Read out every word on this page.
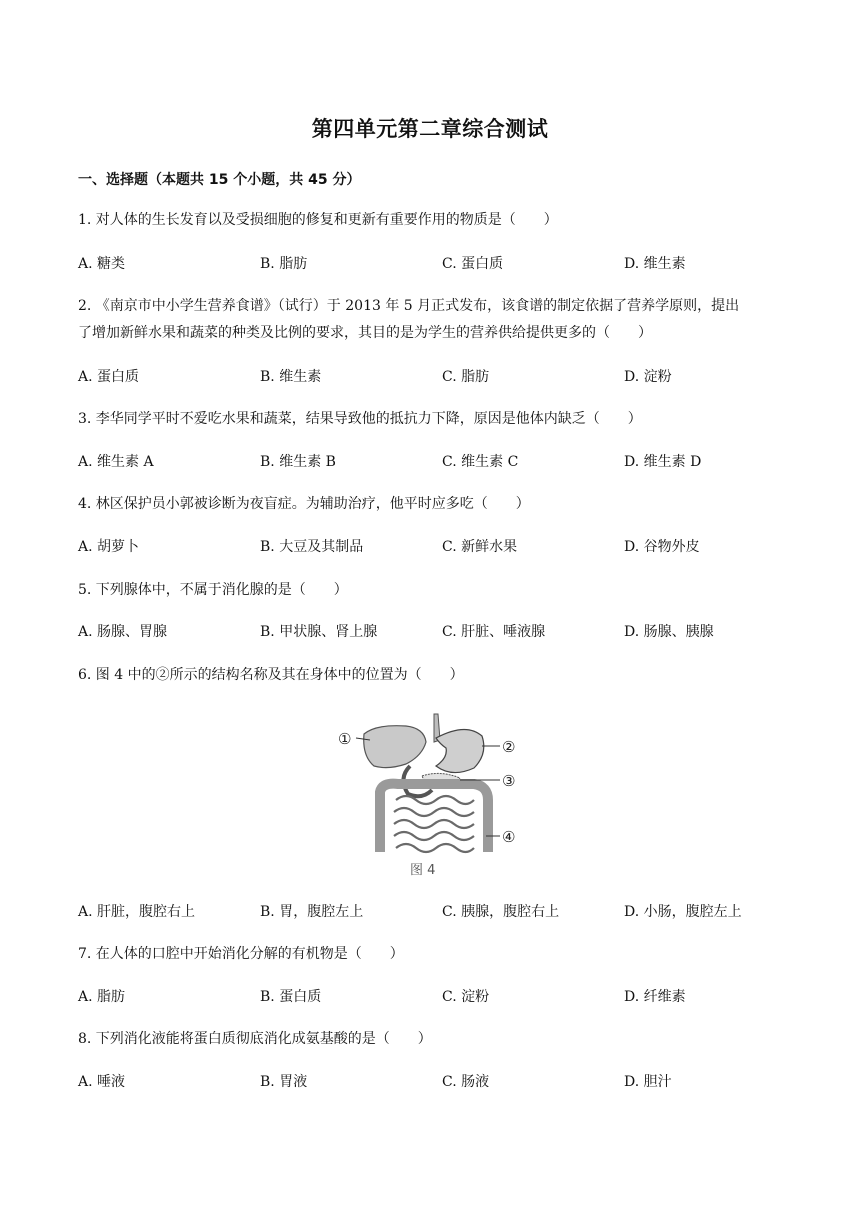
第四单元第二章综合测试
一、选择题（本题共 15 个小题，共 45 分）
1. 对人体的生长发育以及受损细胞的修复和更新有重要作用的物质是（　　）
A. 糖类	B. 脂肪	C. 蛋白质	D. 维生素
2. 《南京市中小学生营养食谱》（试行）于 2013 年 5 月正式发布，该食谱的制定依据了营养学原则，提出
了增加新鲜水果和蔬菜的种类及比例的要求，其目的是为学生的营养供给提供更多的（　　）
A. 蛋白质	B. 维生素	C. 脂肪	D. 淀粉
3. 李华同学平时不爱吃水果和蔬菜，结果导致他的抵抗力下降，原因是他体内缺乏（　　）
A. 维生素 A	B. 维生素 B	C. 维生素 C	D. 维生素 D
4. 林区保护员小郭被诊断为夜盲症。为辅助治疗，他平时应多吃（　　）
A. 胡萝卜	B. 大豆及其制品	C. 新鲜水果	D. 谷物外皮
5. 下列腺体中，不属于消化腺的是（　　）
A. 肠腺、胃腺	B. 甲状腺、肾上腺	C. 肝脏、唾液腺	D. 肠腺、胰腺
6. 图 4 中的②所示的结构名称及其在身体中的位置为（　　）
①	②
③
④
图 4
A. 肝脏，腹腔右上	B. 胃，腹腔左上	C. 胰腺，腹腔右上	D. 小肠，腹腔左上
7. 在人体的口腔中开始消化分解的有机物是（　　）
A. 脂肪	B. 蛋白质	C. 淀粉	D. 纤维素
8. 下列消化液能将蛋白质彻底消化成氨基酸的是（　　）
A. 唾液	B. 胃液	C. 肠液	D. 胆汁
